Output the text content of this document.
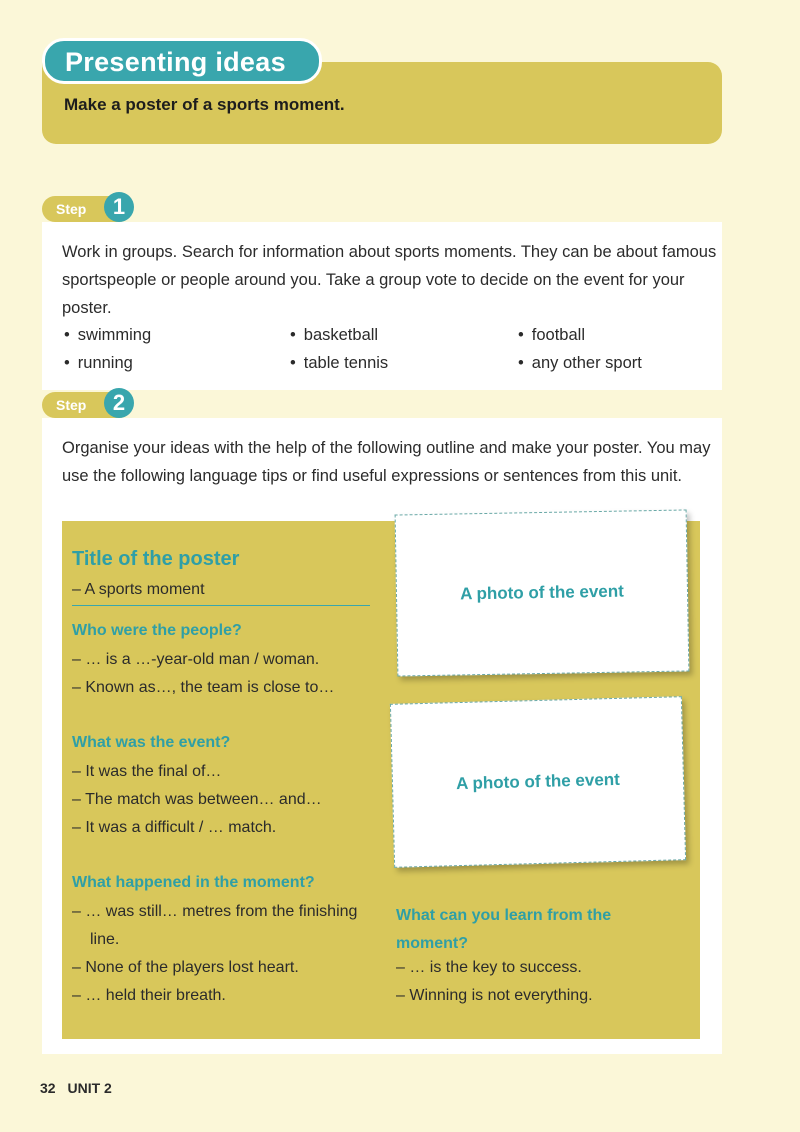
Presenting ideas
Make a poster of a sports moment.
Step	1
Work in groups. Search for information about sports moments. They can be about famous sportspeople or people around you. Take a group vote to decide on the event for your poster.
• swimming	• basketball	• football
• running	• table tennis	• any other sport
Step	2
Organise your ideas with the help of the following outline and make your poster. You may use the following language tips or find useful expressions or sentences from this unit.
Title of the poster
– A sports moment
Who were the people?
– … is a …-year-old man / woman.
– Known as…, the team is close to…
What was the event?
– It was the final of…
– The match was between… and…
– It was a difficult / … match.
What happened in the moment?
– … was still… metres from the finishing line.
– None of the players lost heart.
– … held their breath.
What can you learn from the moment?
– … is the key to success.
– Winning is not everything.
A photo of the event
A photo of the event
32 UNIT 2
